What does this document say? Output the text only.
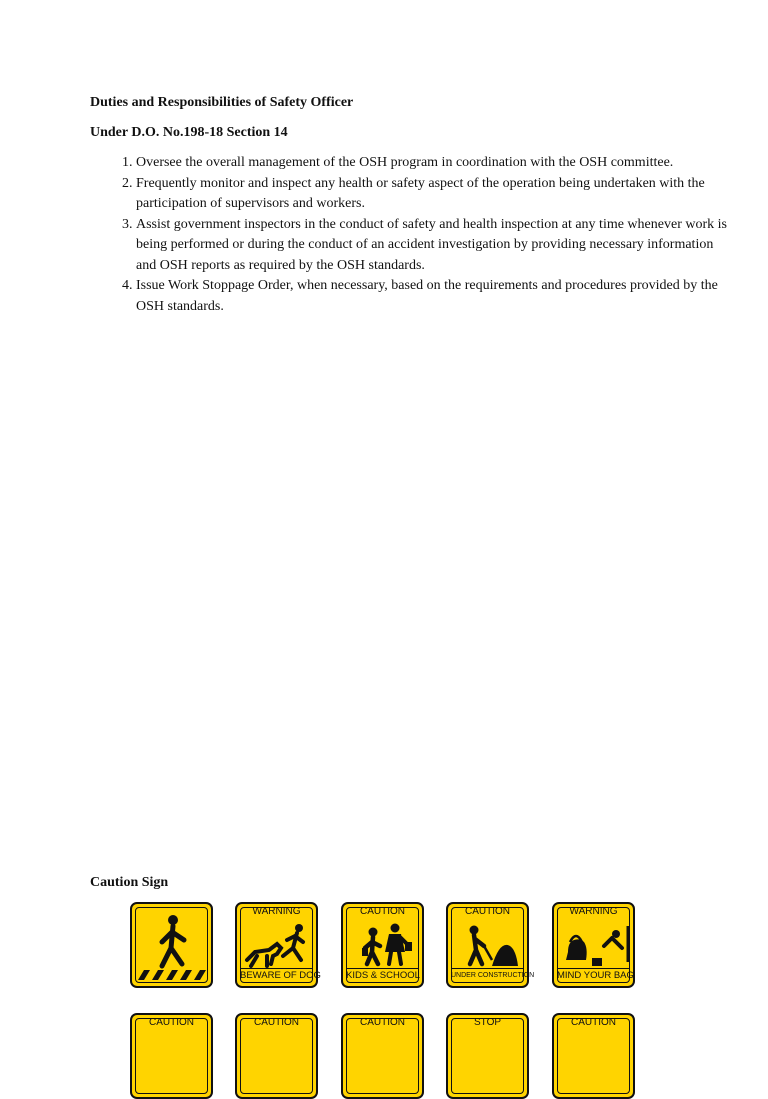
Duties and Responsibilities of Safety Officer
Under D.O. No.198-18 Section 14
1. Oversee the overall management of the OSH program in coordination with the OSH committee.
2. Frequently monitor and inspect any health or safety aspect of the operation being undertaken with the participation of supervisors and workers.
3. Assist government inspectors in the conduct of safety and health inspection at any time whenever work is being performed or during the conduct of an accident investigation by providing necessary information and OSH reports as required by the OSH standards.
4. Issue Work Stoppage Order, when necessary, based on the requirements and procedures provided by the OSH standards.

Caution Sign

WARNING
BEWARE OF DOG
CAUTION
KIDS & SCHOOL
CAUTION
UNDER CONSTRUCTION
WARNING
MIND YOUR BAG
CAUTION	CAUTION	CAUTION	STOP	CAUTION
